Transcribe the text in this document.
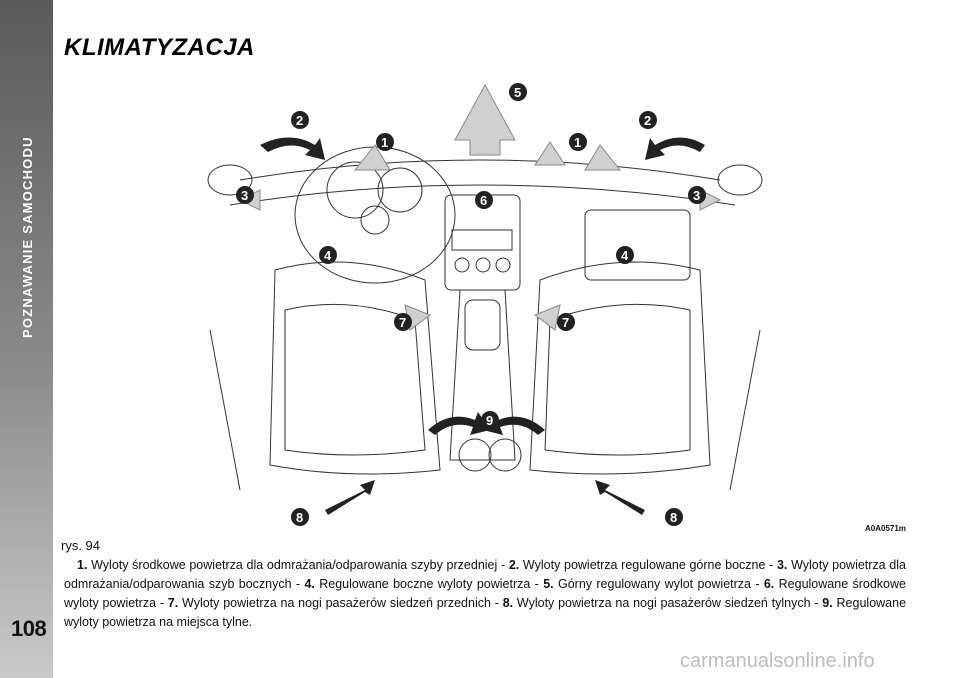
POZNAWANIE SAMOCHODU
108
KLIMATYZACJA
1	1
2	2
3	3
4	4
5
6
7	7
8	8
9
A0A0571m
rys. 94
1. Wyloty środkowe powietrza dla odmrażania/odparowania szyby przedniej - 2. Wyloty powietrza regulowane górne boczne - 3. Wyloty powietrza dla odmrażania/odparowania szyb bocznych - 4. Regulowane boczne wyloty powietrza - 5. Górny regulowany wylot powietrza - 6. Regulowane środkowe wyloty powietrza - 7. Wyloty powietrza na nogi pasażerów siedzeń przednich - 8. Wyloty powietrza na nogi pasażerów siedzeń tylnych - 9. Regulowane wyloty powietrza na miejsca tylne.
carmanualsonline.info
